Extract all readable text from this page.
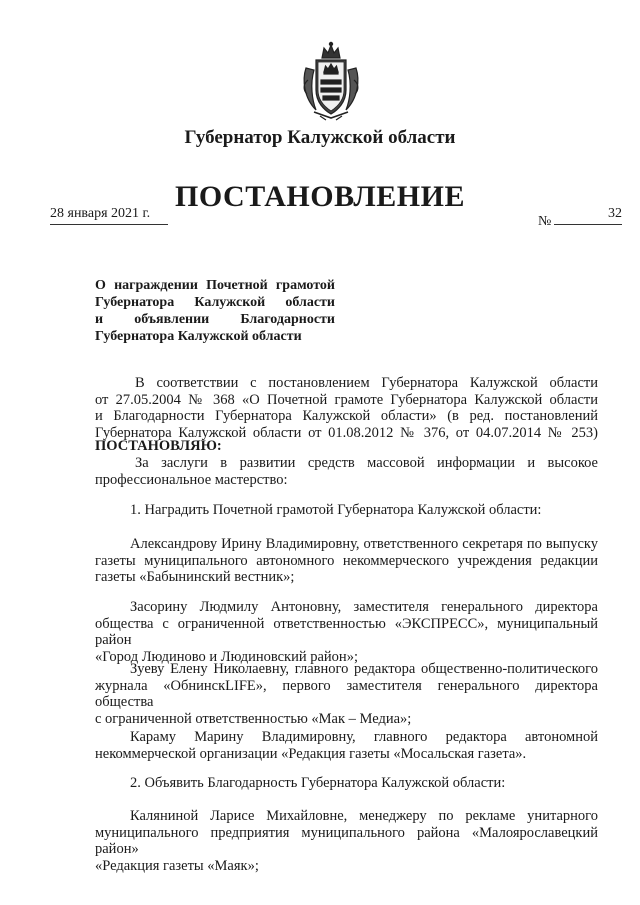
Губернатор Калужской области
ПОСТАНОВЛЕНИЕ
28 января 2021 г.
№
32
О награждении Почетной грамотой
Губернатора Калужской области
и объявлении Благодарности
Губернатора Калужской области
В соответствии с постановлением Губернатора Калужской области
от 27.05.2004 № 368 «О Почетной грамоте Губернатора Калужской области
и Благодарности Губернатора Калужской области» (в ред. постановлений
Губернатора Калужской области от 01.08.2012 № 376, от 04.07.2014 № 253)
ПОСТАНОВЛЯЮ:
За заслуги в развитии средств массовой информации и высокое
профессиональное мастерство:
1. Наградить Почетной грамотой Губернатора Калужской области:
Александрову Ирину Владимировну, ответственного секретаря по выпуску
газеты муниципального автономного некоммерческого учреждения редакции
газеты «Бабынинский вестник»;
Засорину Людмилу Антоновну, заместителя генерального директора
общества с ограниченной ответственностью «ЭКСПРЕСС», муниципальный район
«Город Людиново и Людиновский район»;
Зуеву Елену Николаевну, главного редактора общественно-политического
журнала «ОбнинскLIFE», первого заместителя генерального директора общества
с ограниченной ответственностью «Мак – Медиа»;
Караму Марину Владимировну, главного редактора автономной
некоммерческой организации «Редакция газеты «Мосальская газета».
2. Объявить Благодарность Губернатора Калужской области:
Каляниной Ларисе Михайловне, менеджеру по рекламе унитарного
муниципального предприятия муниципального района «Малоярославецкий район»
«Редакция газеты «Маяк»;
